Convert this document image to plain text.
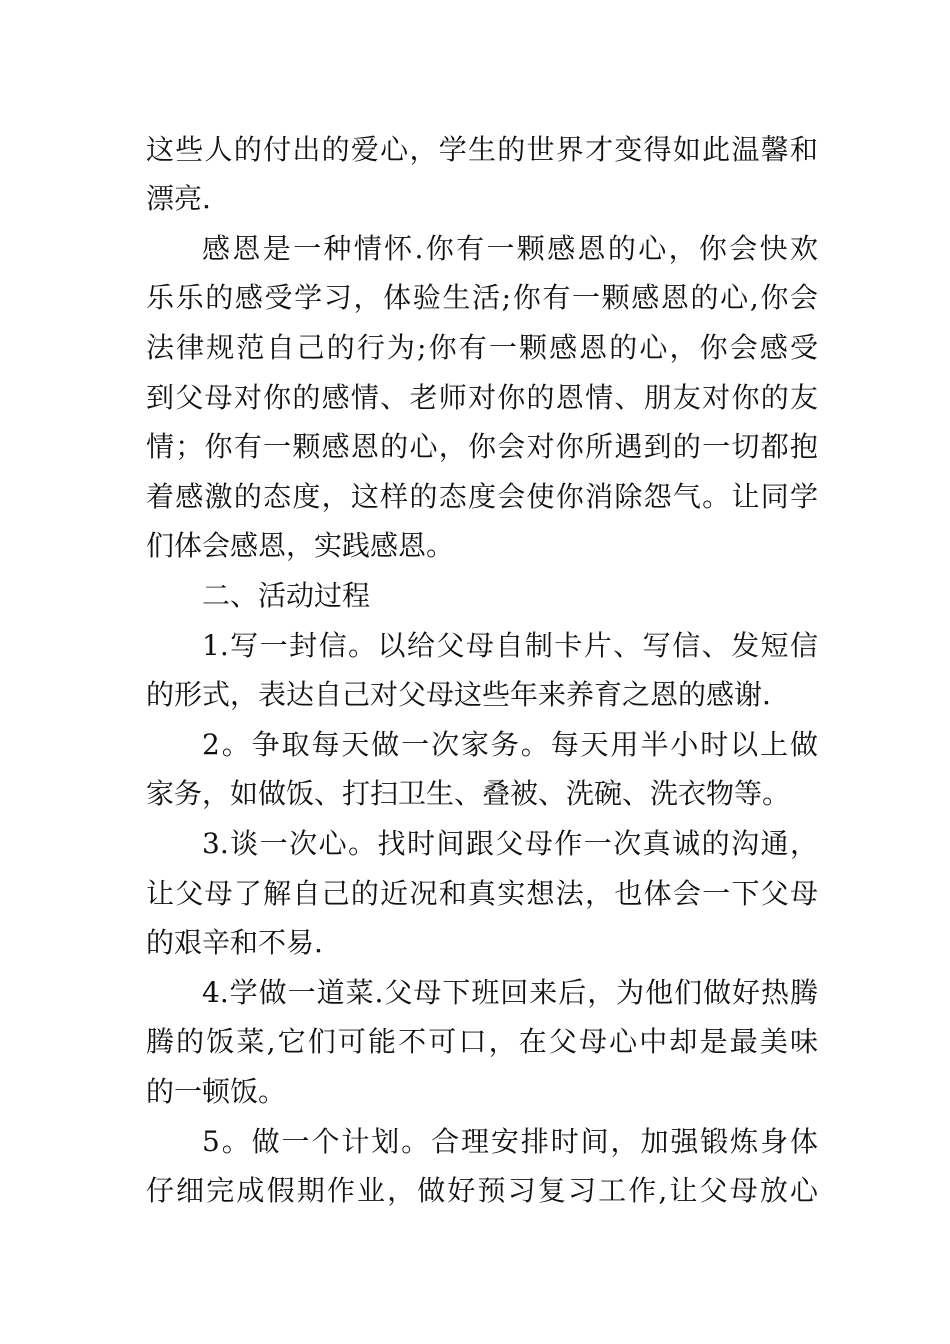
这些人的付出的爱心，学生的世界才变得如此温馨和
漂亮.
感恩是一种情怀.你有一颗感恩的心，你会快欢
乐乐的感受学习，体验生活;你有一颗感恩的心,你会
法律规范自己的行为;你有一颗感恩的心，你会感受
到父母对你的感情、老师对你的恩情、朋友对你的友
情；你有一颗感恩的心，你会对你所遇到的一切都抱
着感激的态度，这样的态度会使你消除怨气。让同学
们体会感恩，实践感恩。
二、活动过程
1.写一封信。以给父母自制卡片、写信、发短信
的形式，表达自己对父母这些年来养育之恩的感谢.
2。争取每天做一次家务。每天用半小时以上做
家务，如做饭、打扫卫生、叠被、洗碗、洗衣物等。
3.谈一次心。找时间跟父母作一次真诚的沟通，
让父母了解自己的近况和真实想法，也体会一下父母
的艰辛和不易.
4.学做一道菜.父母下班回来后，为他们做好热腾
腾的饭菜,它们可能不可口，在父母心中却是最美味
的一顿饭。
5。做一个计划。合理安排时间，加强锻炼身体
仔细完成假期作业，做好预习复习工作,让父母放心
